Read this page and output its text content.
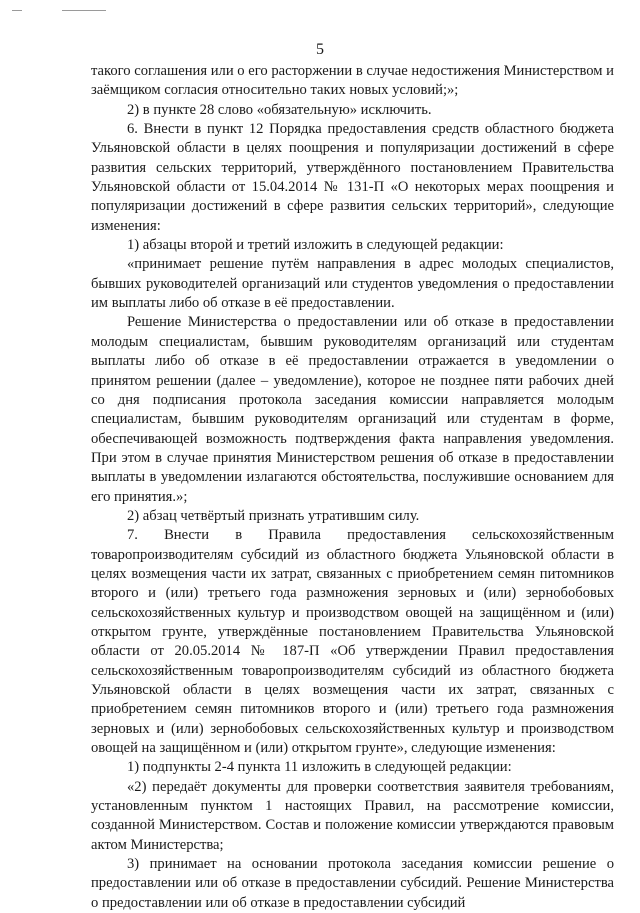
5

такого соглашения или о его расторжении в случае недостижения Министерством и заёмщиком согласия относительно таких новых условий;»;

2) в пункте 28 слово «обязательную» исключить.

6. Внести в пункт 12 Порядка предоставления средств областного бюджета Ульяновской области в целях поощрения и популяризации достижений в сфере развития сельских территорий, утверждённого постановлением Правительства Ульяновской области от 15.04.2014 № 131-П «О некоторых мерах поощрения и популяризации достижений в сфере развития сельских территорий», следующие изменения:

1) абзацы второй и третий изложить в следующей редакции:

«принимает решение путём направления в адрес молодых специалистов, бывших руководителей организаций или студентов уведомления о предоставлении им выплаты либо об отказе в её предоставлении.

Решение Министерства о предоставлении или об отказе в предоставлении молодым специалистам, бывшим руководителям организаций или студентам выплаты либо об отказе в её предоставлении отражается в уведомлении о принятом решении (далее – уведомление), которое не позднее пяти рабочих дней со дня подписания протокола заседания комиссии направляется молодым специалистам, бывшим руководителям организаций или студентам в форме, обеспечивающей возможность подтверждения факта направления уведомления. При этом в случае принятия Министерством решения об отказе в предоставлении выплаты в уведомлении излагаются обстоятельства, послужившие основанием для его принятия.»;

2) абзац четвёртый признать утратившим силу.

7. Внести в Правила предоставления сельскохозяйственным товаропроизводителям субсидий из областного бюджета Ульяновской области в целях возмещения части их затрат, связанных с приобретением семян питомников второго и (или) третьего года размножения зерновых и (или) зернобобовых сельскохозяйственных культур и производством овощей на защищённом и (или) открытом грунте, утверждённые постановлением Правительства Ульяновской области от 20.05.2014 № 187-П «Об утверждении Правил предоставления сельскохозяйственным товаропроизводителям субсидий из областного бюджета Ульяновской области в целях возмещения части их затрат, связанных с приобретением семян питомников второго и (или) третьего года размножения зерновых и (или) зернобобовых сельскохозяйственных культур и производством овощей на защищённом и (или) открытом грунте», следующие изменения:

1) подпункты 2-4 пункта 11 изложить в следующей редакции:

«2) передаёт документы для проверки соответствия заявителя требованиям, установленным пунктом 1 настоящих Правил, на рассмотрение комиссии, созданной Министерством. Состав и положение комиссии утверждаются правовым актом Министерства;

3) принимает на основании протокола заседания комиссии решение о предоставлении или об отказе в предоставлении субсидий. Решение Министерства о предоставлении или об отказе в предоставлении субсидий
